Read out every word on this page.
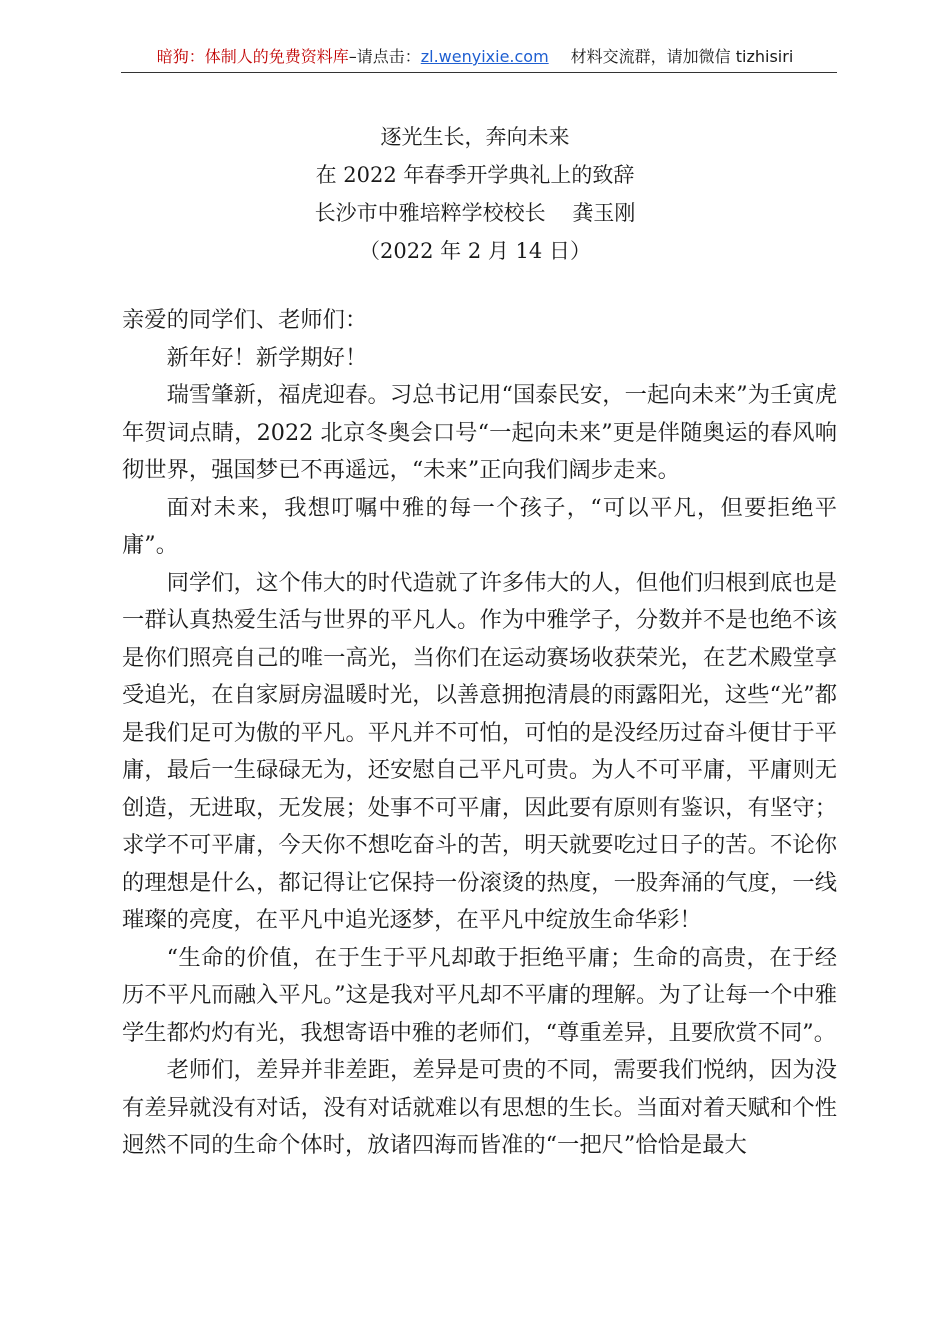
暗狗：体制人的免费资料库–请点击：zl.wenyixie.com 材料交流群，请加微信 tizhisiri
逐光生长，奔向未来
在 2022 年春季开学典礼上的致辞
长沙市中雅培粹学校校长    龚玉刚
（2022 年 2 月 14 日）

亲爱的同学们、老师们：

新年好！新学期好！

瑞雪肇新，福虎迎春。习总书记用“国泰民安，一起向未来”为壬寅虎年贺词点睛，2022 北京冬奥会口号“一起向未来”更是伴随奥运的春风响彻世界，强国梦已不再遥远，“未来”正向我们阔步走来。

面对未来，我想叮嘱中雅的每一个孩子，“可以平凡，但要拒绝平庸”。

同学们，这个伟大的时代造就了许多伟大的人，但他们归根到底也是一群认真热爱生活与世界的平凡人。作为中雅学子，分数并不是也绝不该是你们照亮自己的唯一高光，当你们在运动赛场收获荣光，在艺术殿堂享受追光，在自家厨房温暖时光，以善意拥抱清晨的雨露阳光，这些“光”都是我们足可为傲的平凡。平凡并不可怕，可怕的是没经历过奋斗便甘于平庸，最后一生碌碌无为，还安慰自己平凡可贵。为人不可平庸，平庸则无创造，无进取，无发展；处事不可平庸，因此要有原则有鉴识，有坚守；求学不可平庸，今天你不想吃奋斗的苦，明天就要吃过日子的苦。不论你的理想是什么，都记得让它保持一份滚烫的热度，一股奔涌的气度，一线璀璨的亮度，在平凡中追光逐梦，在平凡中绽放生命华彩！

“生命的价值，在于生于平凡却敢于拒绝平庸；生命的高贵，在于经历不平凡而融入平凡。”这是我对平凡却不平庸的理解。为了让每一个中雅学生都灼灼有光，我想寄语中雅的老师们，“尊重差异，且要欣赏不同”。

老师们，差异并非差距，差异是可贵的不同，需要我们悦纳，因为没有差异就没有对话，没有对话就难以有思想的生长。当面对着天赋和个性迥然不同的生命个体时，放诸四海而皆准的“一把尺”恰恰是最大
